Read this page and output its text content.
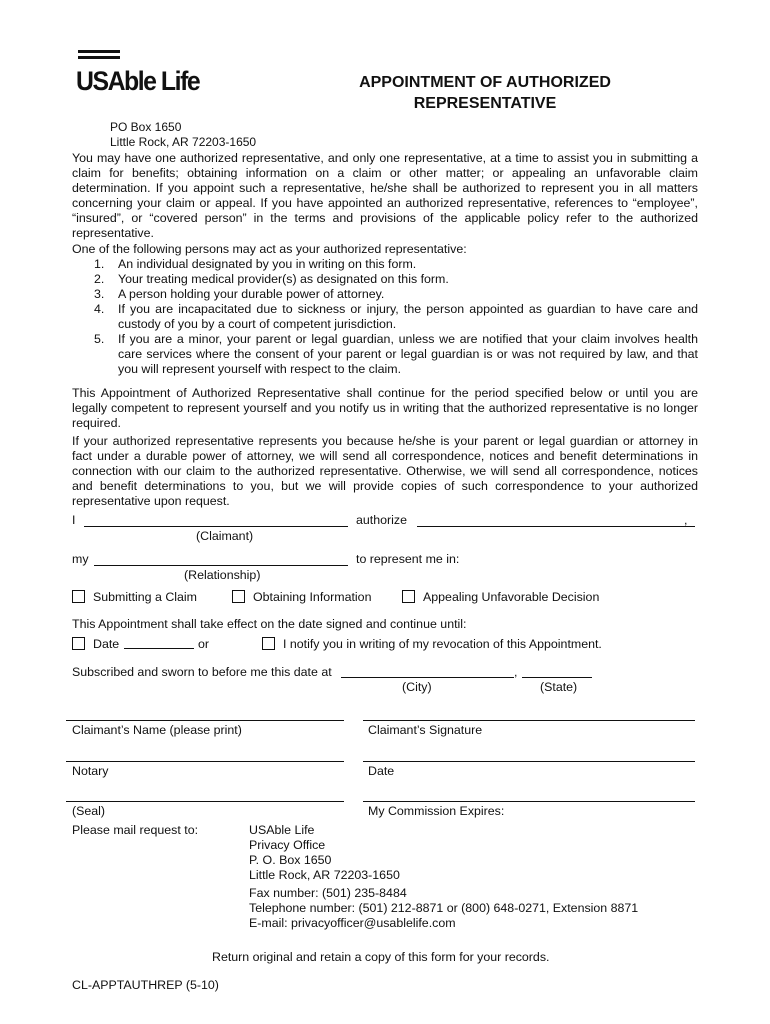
USAble Life	APPOINTMENT OF AUTHORIZED
REPRESENTATIVE
PO Box 1650
Little Rock, AR 72203-1650
You may have one authorized representative, and only one representative, at a time to assist you in submitting a claim for benefits; obtaining information on a claim or other matter; or appealing an unfavorable claim determination. If you appoint such a representative, he/she shall be authorized to represent you in all matters concerning your claim or appeal. If you have appointed an authorized representative, references to “employee”, “insured”, or “covered person” in the terms and provisions of the applicable policy refer to the authorized representative.
One of the following persons may act as your authorized representative:
1. An individual designated by you in writing on this form.
2. Your treating medical provider(s) as designated on this form.
3. A person holding your durable power of attorney.
4. If you are incapacitated due to sickness or injury, the person appointed as guardian to have care and custody of you by a court of competent jurisdiction.
5. If you are a minor, your parent or legal guardian, unless we are notified that your claim involves health care services where the consent of your parent or legal guardian is or was not required by law, and that you will represent yourself with respect to the claim.
This Appointment of Authorized Representative shall continue for the period specified below or until you are legally competent to represent yourself and you notify us in writing that the authorized representative is no longer required.
If your authorized representative represents you because he/she is your parent or legal guardian or attorney in fact under a durable power of attorney, we will send all correspondence, notices and benefit determinations in connection with our claim to the authorized representative. Otherwise, we will send all correspondence, notices and benefit determinations to you, but we will provide copies of such correspondence to your authorized representative upon request.
I	authorize	,
(Claimant)
my	to represent me in:
(Relationship)
Submitting a Claim	Obtaining Information	Appealing Unfavorable Decision
This Appointment shall take effect on the date signed and continue until:
Date	or	I notify you in writing of my revocation of this Appointment.
Subscribed and sworn to before me this date at	,
(City)	(State)
Claimant’s Name (please print)	Claimant’s Signature
Notary	Date
(Seal)	My Commission Expires:
Please mail request to:	USAble Life
Privacy Office
P. O. Box 1650
Little Rock, AR 72203-1650
Fax number: (501) 235-8484
Telephone number: (501) 212-8871 or (800) 648-0271, Extension 8871
E-mail: privacyofficer@usablelife.com
Return original and retain a copy of this form for your records.
CL-APPTAUTHREP (5-10)
